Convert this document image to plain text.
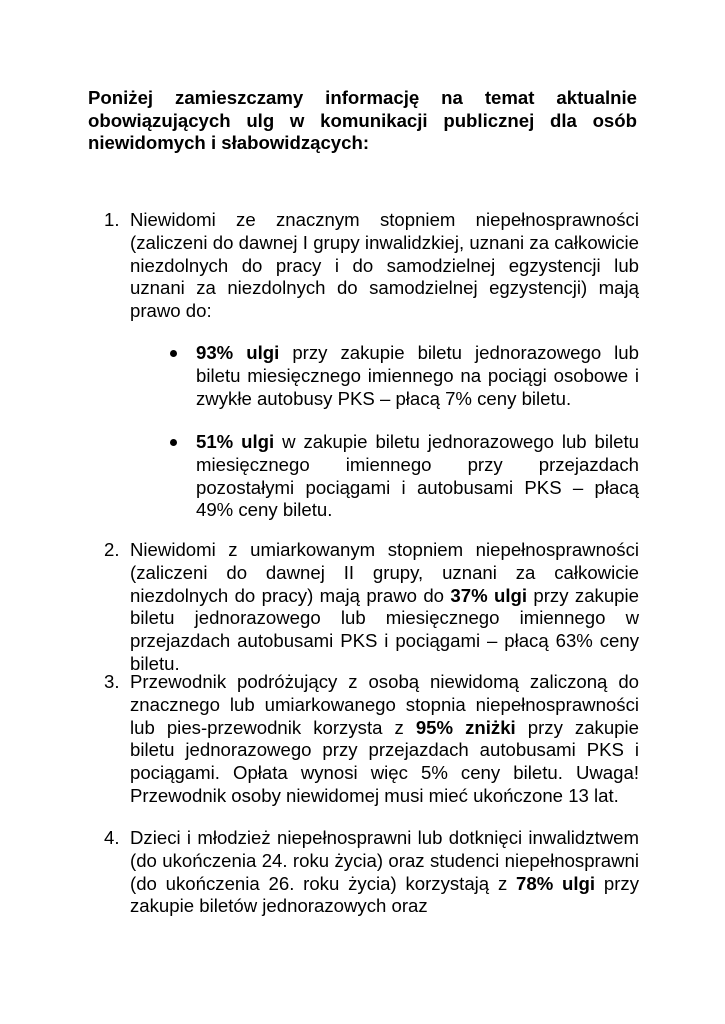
Poniżej zamieszczamy informację na temat aktualnie obowiązujących ulg w komunikacji publicznej dla osób niewidomych i słabowidzących:

1. Niewidomi ze znacznym stopniem niepełnosprawności (zaliczeni do dawnej I grupy inwalidzkiej, uznani za całkowicie niezdolnych do pracy i do samodzielnej egzystencji lub uznani za niezdolnych do samodzielnej egzystencji) mają prawo do:
93% ulgi przy zakupie biletu jednorazowego lub biletu miesięcznego imiennego na pociągi osobowe i zwykłe autobusy PKS – płacą 7% ceny biletu.
51% ulgi w zakupie biletu jednorazowego lub biletu miesięcznego imiennego przy przejazdach pozostałymi pociągami i autobusami PKS – płacą 49% ceny biletu.
2. Niewidomi z umiarkowanym stopniem niepełnosprawności (zaliczeni do dawnej II grupy, uznani za całkowicie niezdolnych do pracy) mają prawo do 37% ulgi przy zakupie biletu jednorazowego lub miesięcznego imiennego w przejazdach autobusami PKS i pociągami – płacą 63% ceny biletu.
3. Przewodnik podróżujący z osobą niewidomą zaliczoną do znacznego lub umiarkowanego stopnia niepełnosprawności lub pies-przewodnik korzysta z 95% zniżki przy zakupie biletu jednorazowego przy przejazdach autobusami PKS i pociągami. Opłata wynosi więc 5% ceny biletu. Uwaga! Przewodnik osoby niewidomej musi mieć ukończone 13 lat.
4. Dzieci i młodzież niepełnosprawni lub dotknięci inwalidztwem (do ukończenia 24. roku życia) oraz studenci niepełnosprawni (do ukończenia 26. roku życia) korzystają z 78% ulgi przy zakupie biletów jednorazowych oraz
